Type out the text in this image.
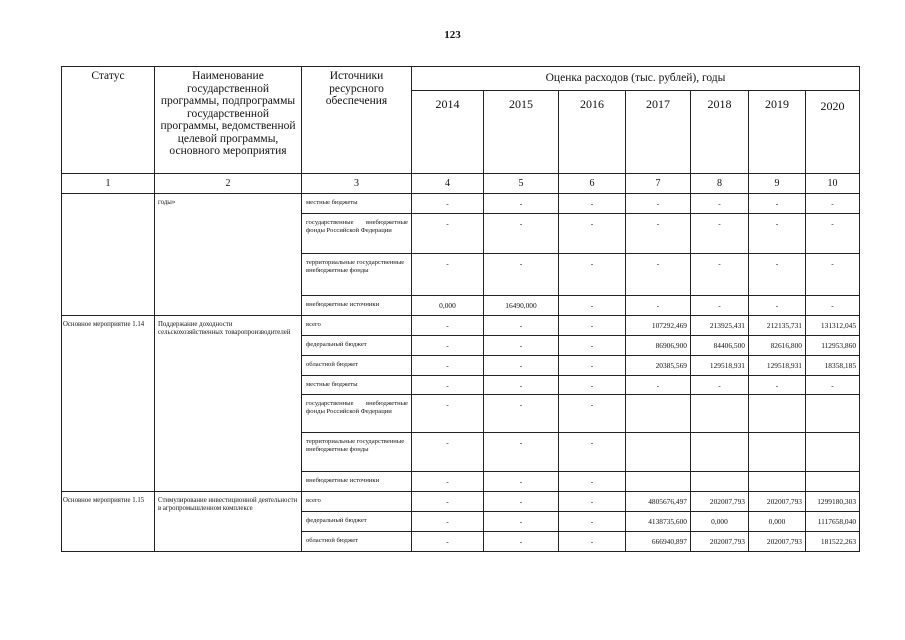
123
Статус	Наименование государственной программы, подпрограммы государственной программы, ведомственной целевой программы, основного мероприятия	Источники ресурсного обеспечения	Оценка расходов (тыс. рублей), годы						
			2014	2015	2016	2017	2018	2019	2020
1	2	3	4	5	6	7	8	9	10
	годы»	местные бюджеты	-	-	-	-	-	-	-
		государственные внебюджетные фонды Российской Федерации	-	-	-	-	-	-	-
		территориальные государственные внебюджетные фонды	-	-	-	-	-	-	-
		внебюджетные источники	0,000	16490,000	-	-	-	-	-
Основное мероприятие 1.14	Поддержание доходности сельскохозяйственных товаропроизводителей	всего	-	-	-	107292,469	213925,431	212135,731	131312,045
		федеральный бюджет	-	-	-	86906,900	84406,500	82616,800	112953,860
		областной бюджет	-	-	-	20385,569	129518,931	129518,931	18358,185
		местные бюджеты	-	-	-	-	-	-	-
		государственные внебюджетные фонды Российской Федерации	-	-	-				
		территориальные государственные внебюджетные фонды	-	-	-				
		внебюджетные источники	-	-	-				
Основное мероприятие 1.15	Стимулирование инвестиционной деятельности в агропромышленном комплексе	всего	-	-	-	4805676,497	202007,793	202007,793	1299180,303
		федеральный бюджет	-	-	-	4138735,600	0,000	0,000	1117658,040
		областной бюджет	-	-	-	666940,897	202007,793	202007,793	181522,263
